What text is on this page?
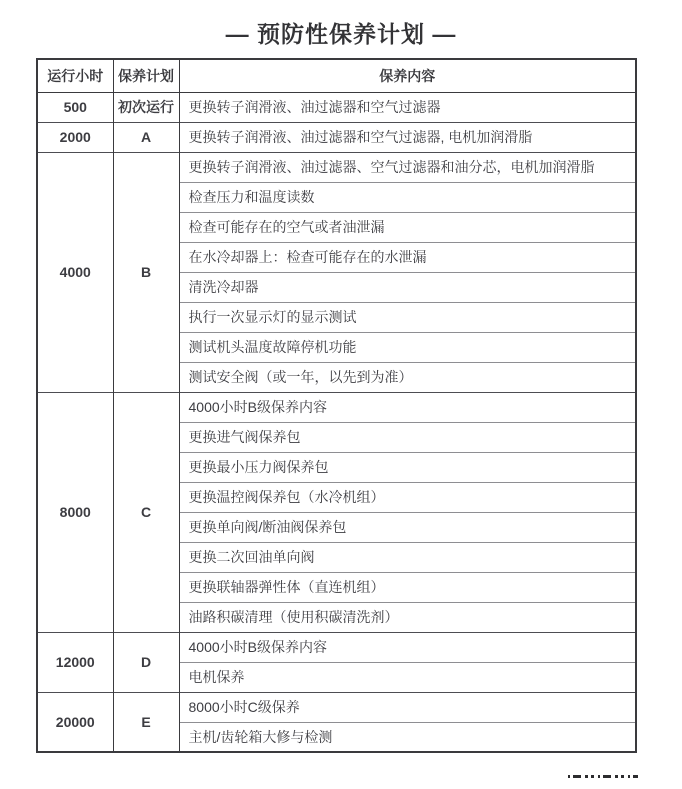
— 预防性保养计划 —
运行小时	保养计划	保养内容
500	初次运行	更换转子润滑液、油过滤器和空气过滤器
2000	A	更换转子润滑液、油过滤器和空气过滤器, 电机加润滑脂
4000	B	更换转子润滑液、油过滤器、空气过滤器和油分芯，电机加润滑脂
		检查压力和温度读数
		检查可能存在的空气或者油泄漏
		在水冷却器上：检查可能存在的水泄漏
		清洗冷却器
		执行一次显示灯的显示测试
		测试机头温度故障停机功能
		测试安全阀（或一年，以先到为准）
8000	C	4000小时B级保养内容
		更换进气阀保养包
		更换最小压力阀保养包
		更换温控阀保养包（水冷机组）
		更换单向阀/断油阀保养包
		更换二次回油单向阀
		更换联轴器弹性体（直连机组）
		油路积碳清理（使用积碳清洗剂）
12000	D	4000小时B级保养内容
		电机保养
20000	E	8000小时C级保养
		主机/齿轮箱大修与检测
